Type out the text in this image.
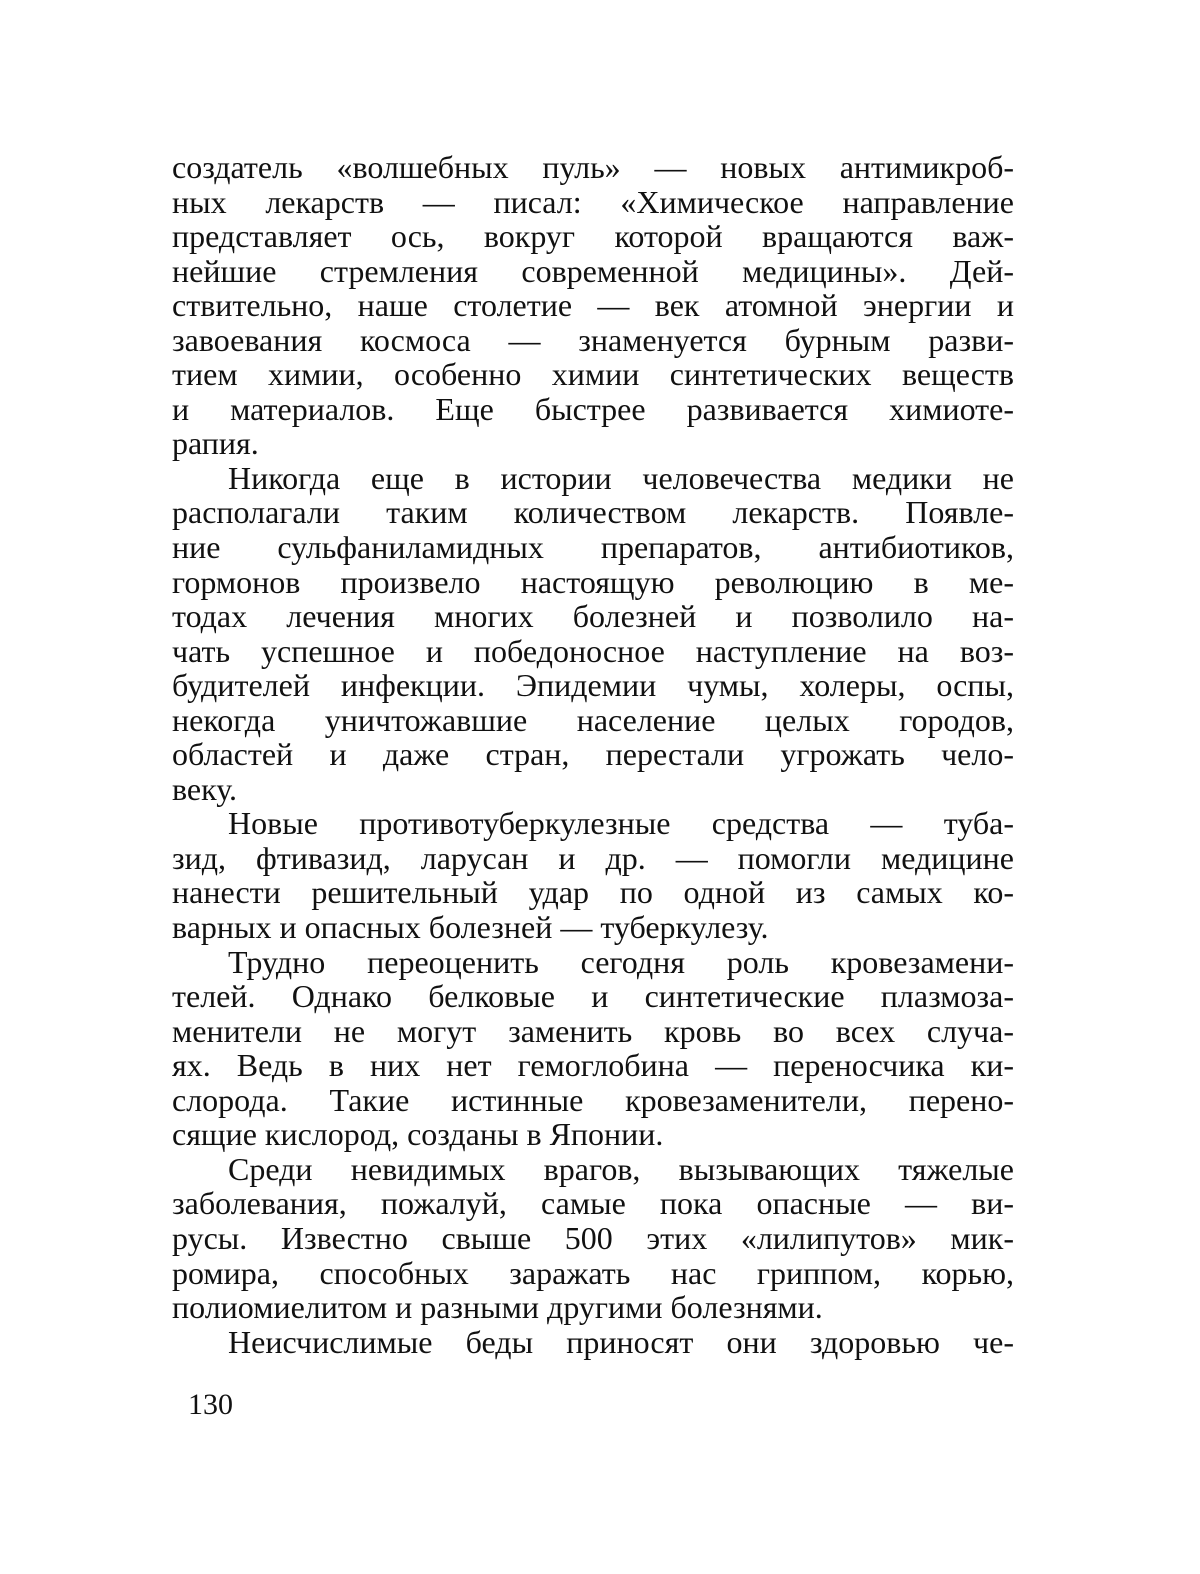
создатель «волшебных пуль» — новых антимикроб-
ных лекарств — писал: «Химическое направление
представляет ось, вокруг которой вращаются важ-
нейшие стремления современной медицины». Дей-
ствительно, наше столетие — век атомной энергии и
завоевания космоса — знаменуется бурным разви-
тием химии, особенно химии синтетических веществ
и материалов. Еще быстрее развивается химиоте-
рапия.
Никогда еще в истории человечества медики не
располагали таким количеством лекарств. Появле-
ние сульфаниламидных препаратов, антибиотиков,
гормонов произвело настоящую революцию в ме-
тодах лечения многих болезней и позволило на-
чать успешное и победоносное наступление на воз-
будителей инфекции. Эпидемии чумы, холеры, оспы,
некогда уничтожавшие население целых городов,
областей и даже стран, перестали угрожать чело-
веку.
Новые противотуберкулезные средства — туба-
зид, фтивазид, ларусан и др. — помогли медицине
нанести решительный удар по одной из самых ко-
варных и опасных болезней — туберкулезу.
Трудно переоценить сегодня роль кровезамени-
телей. Однако белковые и синтетические плазмоза-
менители не могут заменить кровь во всех случа-
ях. Ведь в них нет гемоглобина — переносчика ки-
слорода. Такие истинные кровезаменители, перено-
сящие кислород, созданы в Японии.
Среди невидимых врагов, вызывающих тяжелые
заболевания, пожалуй, самые пока опасные — ви-
русы. Известно свыше 500 этих «лилипутов» мик-
ромира, способных заражать нас гриппом, корью,
полиомиелитом и разными другими болезнями.
Неисчислимые беды приносят они здоровью че-
130
